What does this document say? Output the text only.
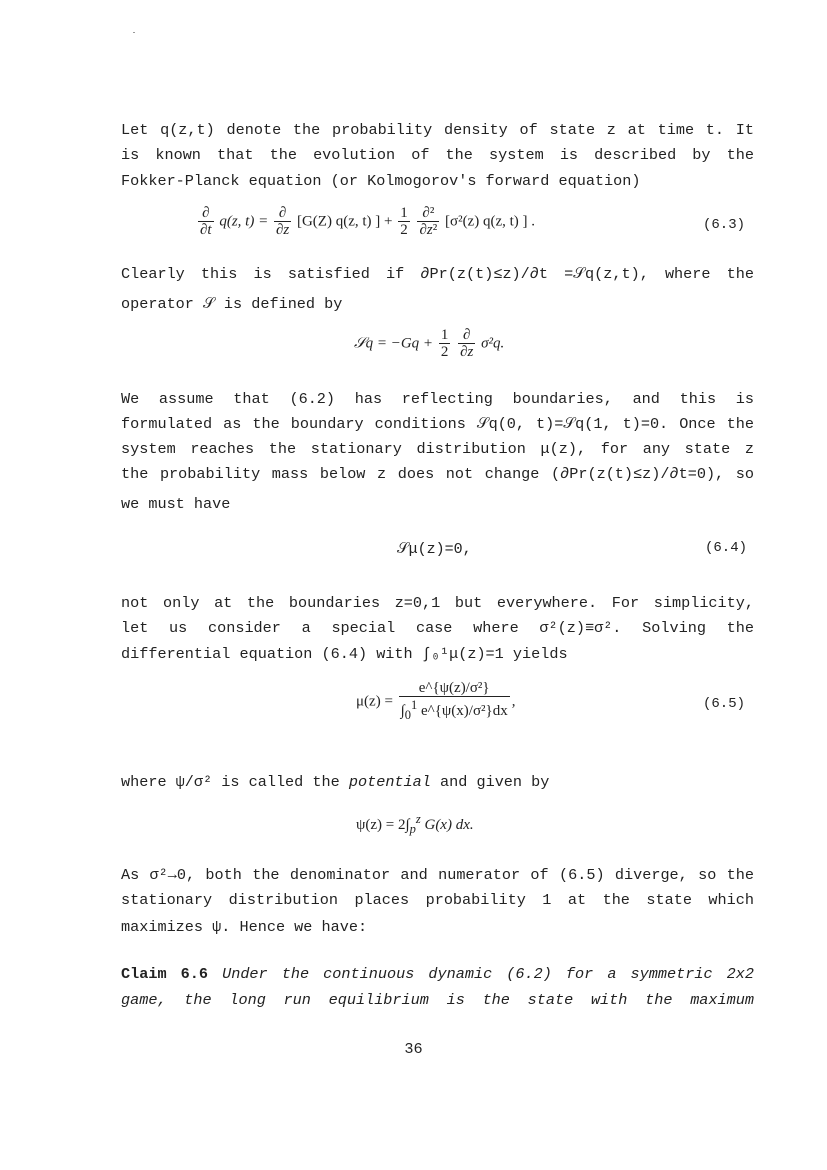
Let q(z,t) denote the probability density of state z at time t. It
is known that the evolution of the system is described by the
Fokker-Planck equation (or Kolmogorov's forward equation)
$\frac{\partial}{\partial t} q(z$, $t) = \frac{\partial}{\partial z} [G(Z)$ q(z, t) ] + $\frac{1}{2}$
$\frac{\text{∂²}}{\text{∂z²}} [\sigma^2(z)$ q(z, t) ] .	(6.3)
Clearly this is satisfied if ∂Pr(z(t)≤z)/∂t =𝒮q(z,t), where the
operator 𝒮 is defined by
𝒮q = $-Gq + \frac{1}{2}$
$\frac{\partial}{\partial z} \sigma^2q$.
We assume that (6.2) has reflecting boundaries, and this is
formulated as the boundary conditions 𝒮q(0, t)=𝒮q(1, t)=0. Once the
system reaches the stationary distribution μ(z), for any state z
the probability mass below z does not change (∂Pr(z(t)≤z)/∂t=0), so
we must have
𝒮μ(z)=0,	(6.4)
not only at the boundaries z=0,1 but everywhere. For simplicity,
let us consider a special case where σ²(z)≡σ². Solving the
differential equation (6.4) with ∫₀¹μ(z)=1 yields
$\mu(z) = \frac{\text{e\textasciicircum{}\{ψ(z)/σ²\}}}{\int_0^1 e\^{}\{\psi(x)/\sigma^2\}dx}$ ,	(6.5)
where ψ/σ² is called the potential and given by
$\psi(z) = 2\int_p^z$ G(x) dx.
As σ²→0, both the denominator and numerator of (6.5) diverge, so the
stationary distribution places probability 1 at the state which
maximizes ψ. Hence we have:
Claim 6.6 Under the continuous dynamic (6.2) for a symmetric 2x2
game, the long run equilibrium is the state with the maximum
36
